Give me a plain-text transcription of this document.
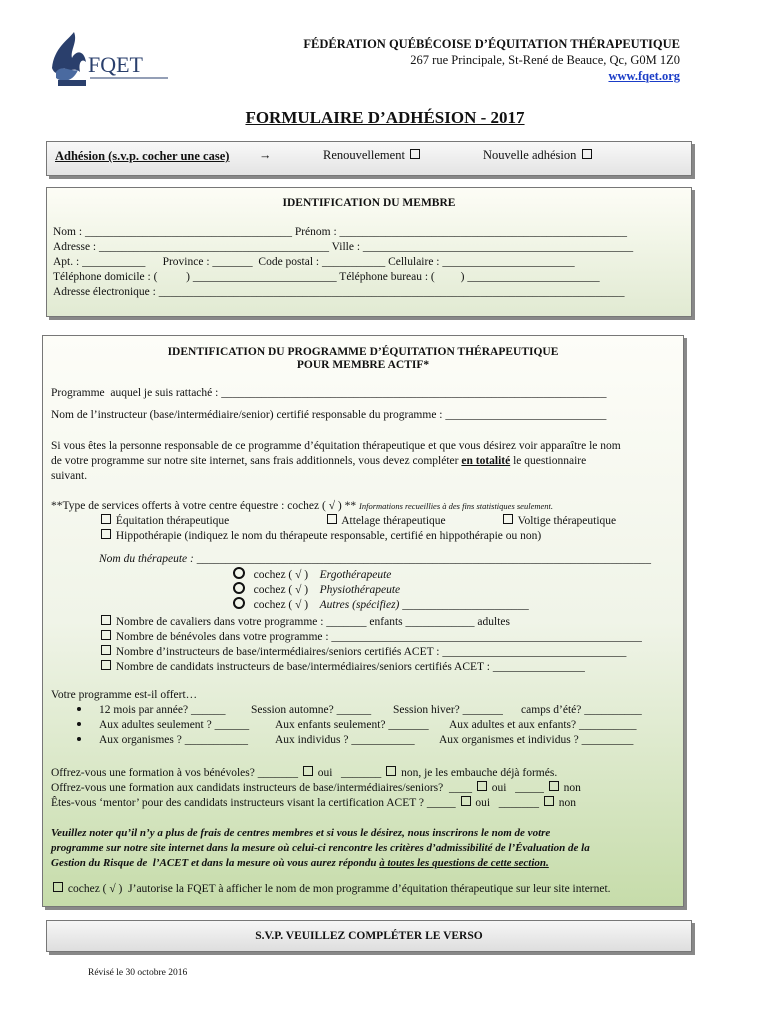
FQET
FÉDÉRATION QUÉBÉCOISE D’ÉQUITATION THÉRAPEUTIQUE
267 rue Principale, St-René de Beauce, Qc, G0M 1Z0
www.fqet.org
FORMULAIRE D’ADHÉSION - 2017
Adhésion (s.v.p. cocher une case) →	Renouvellement	Nouvelle adhésion
IDENTIFICATION DU MEMBRE
Nom : ____________________________________ Prénom : __________________________________________________
Adresse : ________________________________________ Ville : _______________________________________________
Apt. : ___________      Province : _______  Code postal : ___________ Cellulaire : _______________________
Téléphone domicile : (          ) _________________________ Téléphone bureau : (         ) _______________________
Adresse électronique : _________________________________________________________________________________
IDENTIFICATION DU PROGRAMME D’ÉQUITATION THÉRAPEUTIQUE
POUR MEMBRE ACTIF*
Programme  auquel je suis rattaché : ___________________________________________________________________
Nom de l’instructeur (base/intermédiaire/senior) certifié responsable du programme : ____________________________
Si vous êtes la personne responsable de ce programme d’équitation thérapeutique et que vous désirez voir apparaître le nom
de votre programme sur notre site internet, sans frais additionnels, vous devez compléter en totalité le questionnaire
suivant.
**Type de services offerts à votre centre équestre : cochez ( √ ) ** Informations recueillies à des fins statistiques seulement.
Équitation thérapeutique	Attelage thérapeutique	Voltige thérapeutique
Hippothérapie (indiquez le nom du thérapeute responsable, certifié en hippothérapie ou non)
Nom du thérapeute : _______________________________________________________________________________
cochez ( √ ) Ergothérapeute
cochez ( √ ) Physiothérapeute
cochez ( √ ) Autres (spécifiez) ______________________
Nombre de cavaliers dans votre programme : _______ enfants ____________ adultes
Nombre de bénévoles dans votre programme : ______________________________________________________
Nombre d’instructeurs de base/intermédiaires/seniors certifiés ACET : ________________________________
Nombre de candidats instructeurs de base/intermédiaires/seniors certifiés ACET : ________________
Votre programme est-il offert…
12 mois par année? ______ Session automne? ______ Session hiver? _______ camps d’été? __________
Aux adultes seulement ? ______ Aux enfants seulement? _______ Aux adultes et aux enfants? __________
Aux organismes ? ___________ Aux individus ? ___________ Aux organismes et individus ? _________
Offrez-vous une formation à vos bénévoles? _______ oui   _______ non, je les embauche déjà formés.
Offrez-vous une formation aux candidats instructeurs de base/intermédiaires/seniors?  ____ oui   _____ non
Êtes-vous ‘mentor’ pour des candidats instructeurs visant la certification ACET ? _____ oui   _______ non
Veuillez noter qu’il n’y a plus de frais de centres membres et si vous le désirez, nous inscrirons le nom de votre
programme sur notre site internet dans la mesure où celui-ci rencontre les critères d’admissibilité de l’Évaluation de la
Gestion du Risque de  l’ACET et dans la mesure où vous aurez répondu à toutes les questions de cette section.
cochez ( √ )  J’autorise la FQET à afficher le nom de mon programme d’équitation thérapeutique sur leur site internet.
S.V.P. VEUILLEZ COMPLÉTER LE VERSO
Révisé le 30 octobre 2016
